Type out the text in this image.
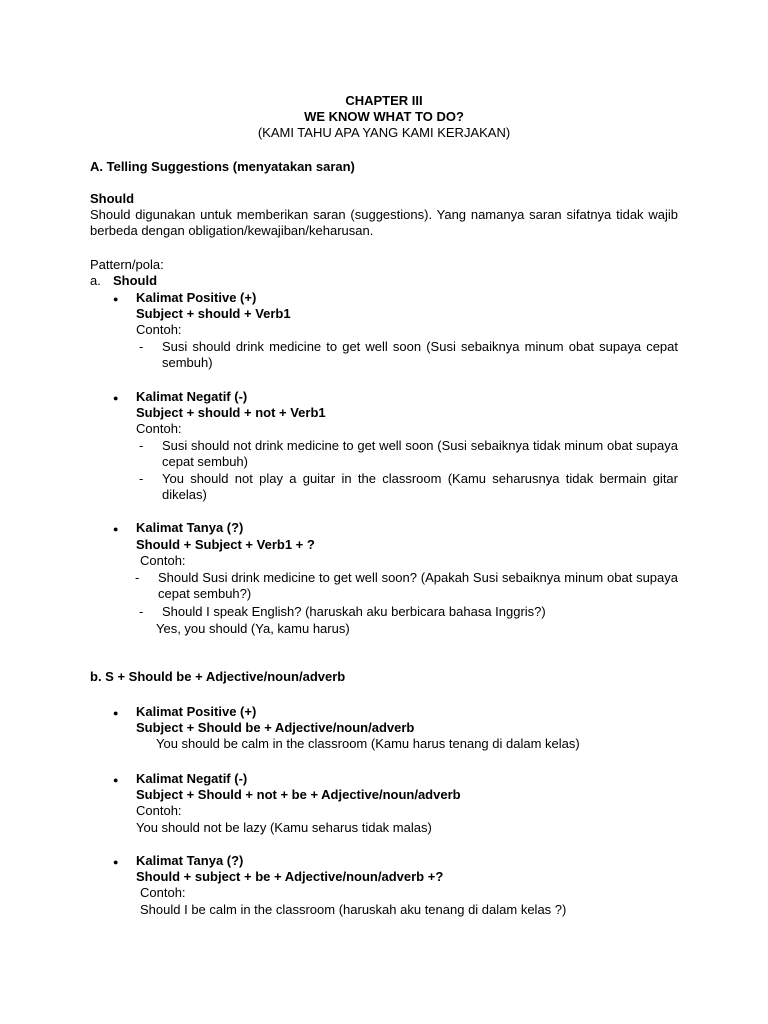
CHAPTER III
WE KNOW WHAT TO DO?
(KAMI TAHU APA YANG KAMI KERJAKAN)
A. Telling Suggestions (menyatakan saran)
Should
Should digunakan untuk memberikan saran (suggestions). Yang namanya saran sifatnya tidak wajib berbeda dengan obligation/kewajiban/keharusan.
Pattern/pola:
a. Should
● Kalimat Positive (+)
Subject + should + Verb1
Contoh:
- Susi should drink medicine to get well soon (Susi sebaiknya minum obat supaya cepat sembuh)
● Kalimat Negatif (-)
Subject + should + not + Verb1
Contoh:
- Susi should not drink medicine to get well soon (Susi sebaiknya tidak minum obat supaya cepat sembuh)
- You should not play a guitar in the classroom (Kamu seharusnya tidak bermain gitar dikelas)
● Kalimat Tanya (?)
Should + Subject + Verb1 + ?
Contoh:
- Should Susi drink medicine to get well soon? (Apakah Susi sebaiknya minum obat supaya cepat sembuh?)
- Should I speak English? (haruskah aku berbicara bahasa Inggris?)
Yes, you should (Ya, kamu harus)
b. S + Should be + Adjective/noun/adverb
● Kalimat Positive (+)
Subject + Should be + Adjective/noun/adverb
You should be calm in the classroom (Kamu harus tenang di dalam kelas)
● Kalimat Negatif (-)
Subject + Should + not + be + Adjective/noun/adverb
Contoh:
You should not be lazy (Kamu seharus tidak malas)
● Kalimat Tanya (?)
Should + subject + be + Adjective/noun/adverb +?
Contoh:
Should I be calm in the classroom (haruskah aku tenang di dalam kelas ?)
